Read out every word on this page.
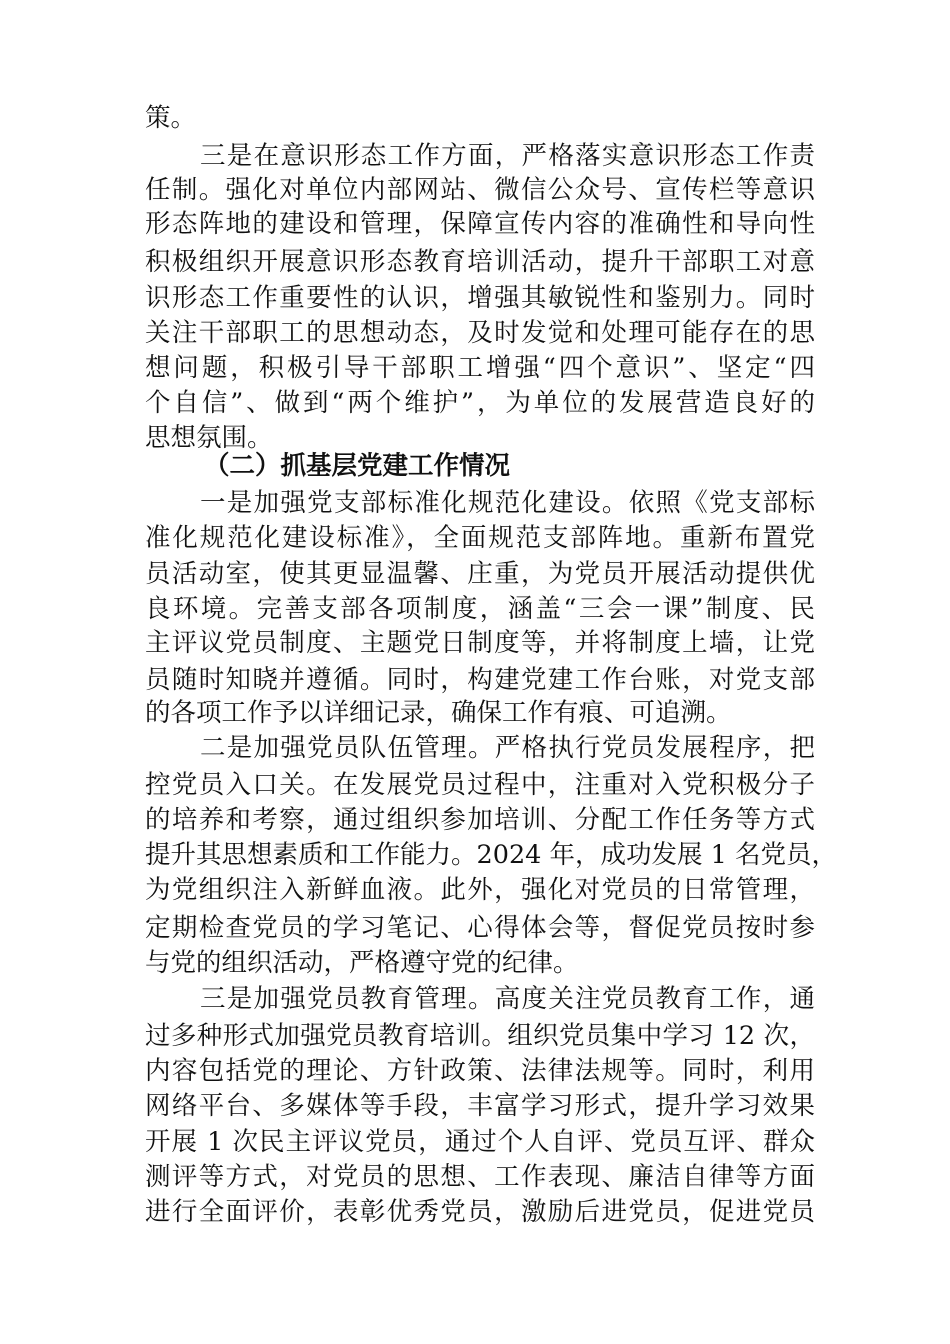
策。
三是在意识形态工作方面，严格落实意识形态工作责
任制。强化对单位内部网站、微信公众号、宣传栏等意识
形态阵地的建设和管理，保障宣传内容的准确性和导向性
积极组织开展意识形态教育培训活动，提升干部职工对意
识形态工作重要性的认识，增强其敏锐性和鉴别力。同时
关注干部职工的思想动态，及时发觉和处理可能存在的思
想问题，积极引导干部职工增强“四个意识”、坚定“四
个自信”、做到“两个维护”，为单位的发展营造良好的
思想氛围。
（二）抓基层党建工作情况
一是加强党支部标准化规范化建设。依照《党支部标
准化规范化建设标准》，全面规范支部阵地。重新布置党
员活动室，使其更显温馨、庄重，为党员开展活动提供优
良环境。完善支部各项制度，涵盖“三会一课”制度、民
主评议党员制度、主题党日制度等，并将制度上墙，让党
员随时知晓并遵循。同时，构建党建工作台账，对党支部
的各项工作予以详细记录，确保工作有痕、可追溯。
二是加强党员队伍管理。严格执行党员发展程序，把
控党员入口关。在发展党员过程中，注重对入党积极分子
的培养和考察，通过组织参加培训、分配工作任务等方式
提升其思想素质和工作能力。2024 年，成功发展 1 名党员，
为党组织注入新鲜血液。此外，强化对党员的日常管理，
定期检查党员的学习笔记、心得体会等，督促党员按时参
与党的组织活动，严格遵守党的纪律。
三是加强党员教育管理。高度关注党员教育工作，通
过多种形式加强党员教育培训。组织党员集中学习 12 次，
内容包括党的理论、方针政策、法律法规等。同时，利用
网络平台、多媒体等手段，丰富学习形式，提升学习效果
开展 1 次民主评议党员，通过个人自评、党员互评、群众
测评等方式，对党员的思想、工作表现、廉洁自律等方面
进行全面评价，表彰优秀党员，激励后进党员，促进党员
